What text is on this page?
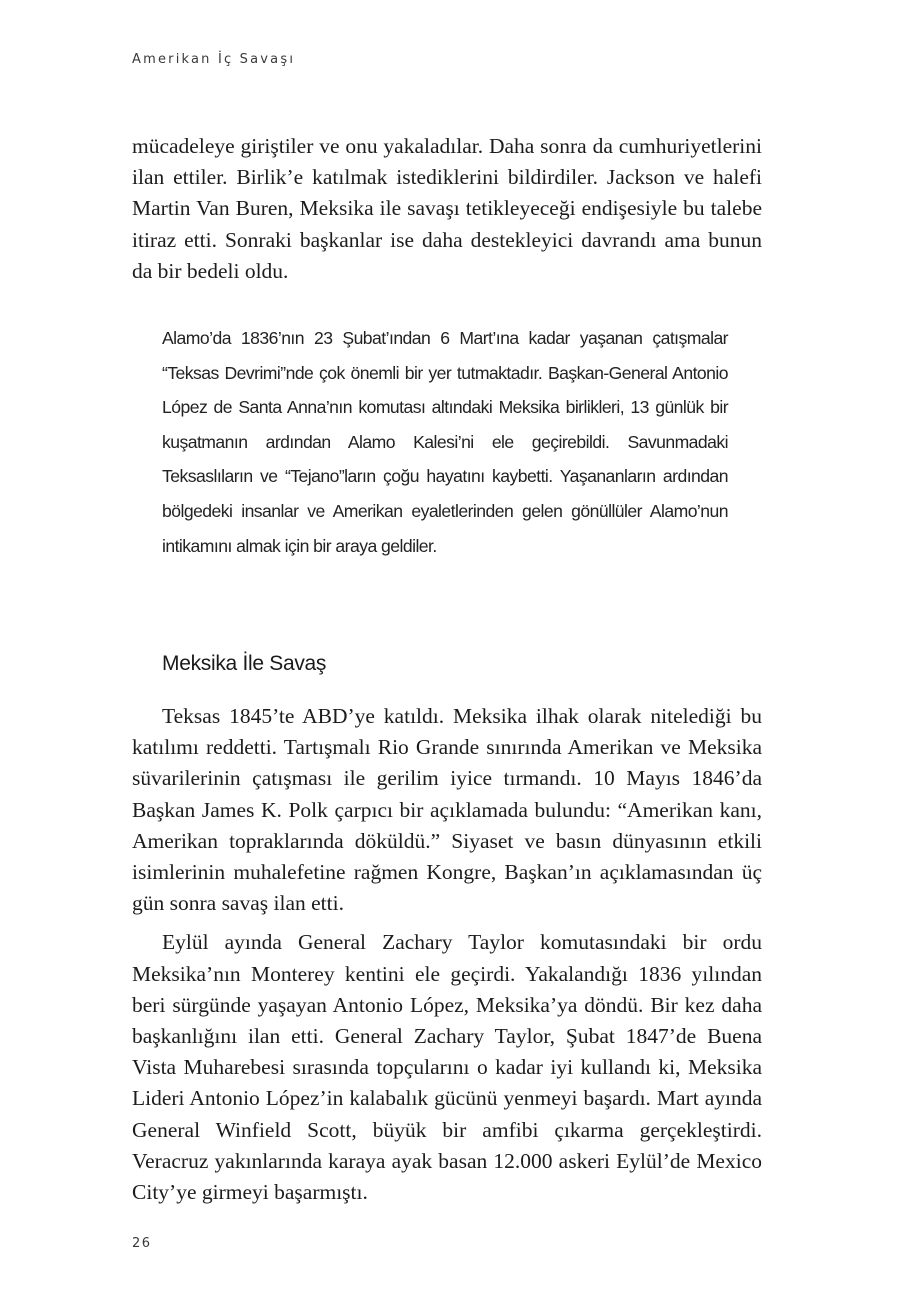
Amerikan İç Savaşı

mücadeleye giriştiler ve onu yakaladılar. Daha sonra da cumhuriyetlerini ilan ettiler. Birlik’e katılmak istediklerini bildirdiler. Jackson ve halefi Martin Van Buren, Meksika ile savaşı tetikleyeceği endişesiyle bu talebe itiraz etti. Sonraki başkanlar ise daha destekleyici davrandı ama bunun da bir bedeli oldu.

Alamo’da 1836’nın 23 Şubat’ından 6 Mart’ına kadar yaşanan çatışmalar “Teksas Devrimi”nde çok önemli bir yer tutmaktadır. Başkan-General Antonio López de Santa Anna’nın komutası altındaki Meksika birlikleri, 13 günlük bir kuşatmanın ardından Alamo Kalesi’ni ele geçirebildi. Savunmadaki Teksaslıların ve “Tejano”ların çoğu hayatını kaybetti. Yaşananların ardından bölgedeki insanlar ve Amerikan eyaletlerinden gelen gönüllüler Alamo’nun intikamını almak için bir araya geldiler.

Meksika İle Savaş

Teksas 1845’te ABD’ye katıldı. Meksika ilhak olarak nitelediği bu katılımı reddetti. Tartışmalı Rio Grande sınırında Amerikan ve Meksika süvarilerinin çatışması ile gerilim iyice tırmandı. 10 Mayıs 1846’da Başkan James K. Polk çarpıcı bir açıklamada bulundu: “Amerikan kanı, Amerikan topraklarında döküldü.” Siyaset ve basın dünyasının etkili isimlerinin muhalefetine rağmen Kongre, Başkan’ın açıklamasından üç gün sonra savaş ilan etti.

Eylül ayında General Zachary Taylor komutasındaki bir ordu Meksika’nın Monterey kentini ele geçirdi. Yakalandığı 1836 yılından beri sürgünde yaşayan Antonio López, Meksika’ya döndü. Bir kez daha başkanlığını ilan etti. General Zachary Taylor, Şubat 1847’de Buena Vista Muharebesi sırasında topçularını o kadar iyi kullandı ki, Meksika Lideri Antonio López’in kalabalık gücünü yenmeyi başardı. Mart ayında General Winfield Scott, büyük bir amfibi çıkarma gerçekleştirdi. Veracruz yakınlarında karaya ayak basan 12.000 askeri Eylül’de Mexico City’ye girmeyi başarmıştı.

26
